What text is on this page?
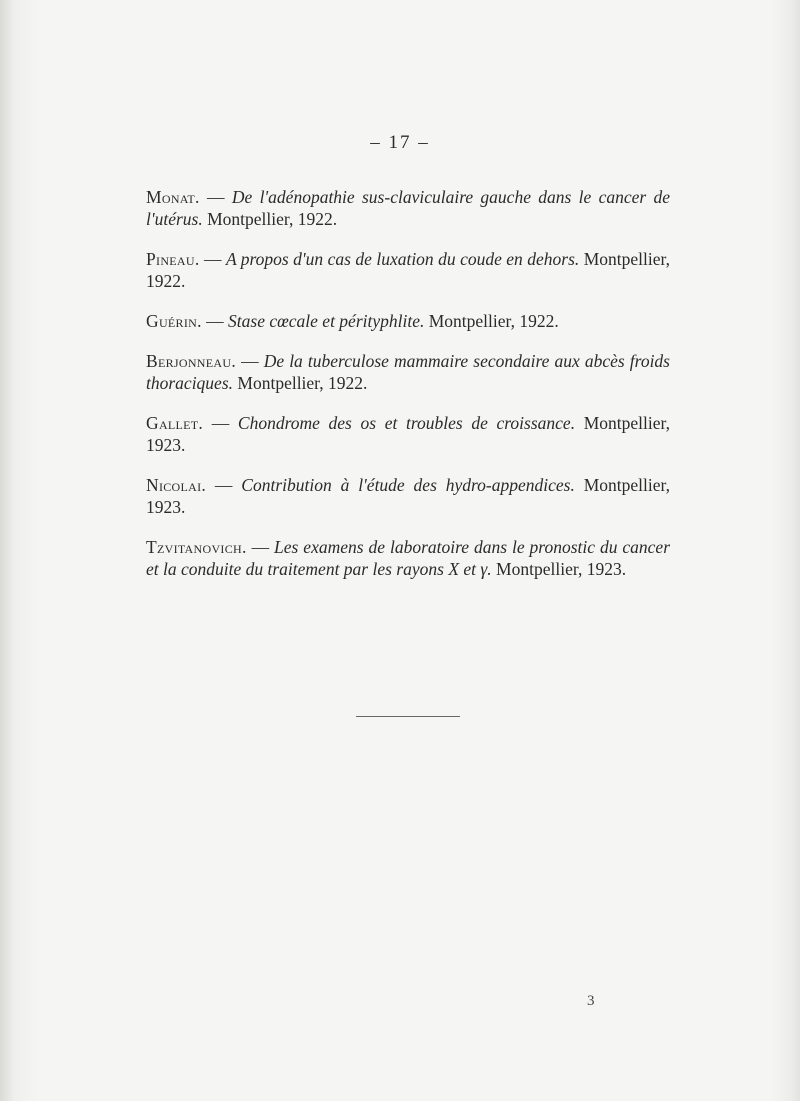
– 17 –

Monat. — De l'adénopathie sus-claviculaire gauche dans le cancer de l'utérus. Montpellier, 1922.

Pineau. — A propos d'un cas de luxation du coude en dehors. Montpellier, 1922.

Guérin. — Stase cœcale et pérityphlite. Montpellier, 1922.

Berjonneau. — De la tuberculose mammaire secondaire aux abcès froids thoraciques. Montpellier, 1922.

Gallet. — Chondrome des os et troubles de croissance. Montpellier, 1923.

Nicolai. — Contribution à l'étude des hydro-appendices. Montpellier, 1923.

Tzvitanovich. — Les examens de laboratoire dans le pronostic du cancer et la conduite du traitement par les rayons X et γ. Montpellier, 1923.

3
